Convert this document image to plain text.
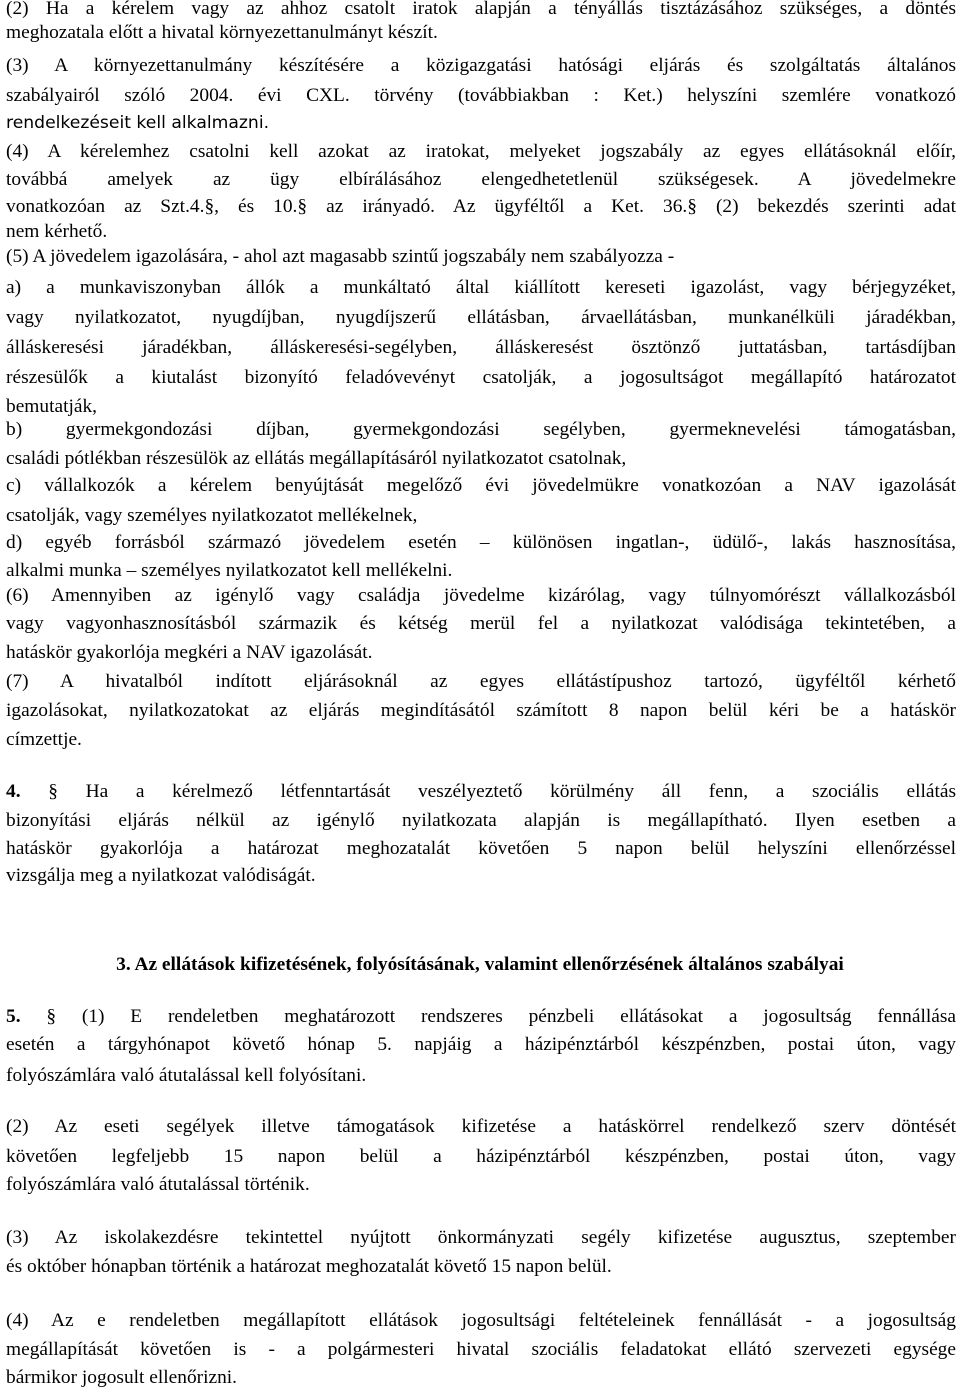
(2) Ha a kérelem vagy az ahhoz csatolt iratok alapján a tényállás tisztázásához szükséges, a döntés
meghozatala előtt a hivatal környezettanulmányt készít.
(3) A környezettanulmány készítésére a közigazgatási hatósági eljárás és szolgáltatás általános
szabályairól szóló 2004. évi CXL. törvény (továbbiakban : Ket.) helyszíni szemlére vonatkozó
rendelkezéseit kell alkalmazni.
(4) A kérelemhez csatolni kell azokat az iratokat, melyeket jogszabály az egyes ellátásoknál előír,
továbbá amelyek az ügy elbírálásához elengedhetetlenül szükségesek. A jövedelmekre
vonatkozóan az Szt.4.§, és 10.§ az irányadó. Az ügyféltől a Ket. 36.§ (2) bekezdés szerinti adat
nem kérhető.
(5) A jövedelem igazolására, - ahol azt magasabb szintű jogszabály nem szabályozza -
a) a munkaviszonyban állók a munkáltató által kiállított kereseti igazolást, vagy bérjegyzéket,
vagy nyilatkozatot, nyugdíjban, nyugdíjszerű ellátásban, árvaellátásban, munkanélküli járadékban,
álláskeresési járadékban, álláskeresési-segélyben, álláskeresést ösztönző juttatásban, tartásdíjban
részesülők a kiutalást bizonyító feladóvevényt csatolják, a jogosultságot megállapító határozatot
bemutatják,
b) gyermekgondozási díjban, gyermekgondozási segélyben, gyermeknevelési támogatásban,
családi pótlékban részesülök az ellátás megállapításáról nyilatkozatot csatolnak,
c) vállalkozók a kérelem benyújtását megelőző évi jövedelmükre vonatkozóan a NAV igazolását
csatolják, vagy személyes nyilatkozatot mellékelnek,
d) egyéb forrásból származó jövedelem esetén – különösen ingatlan-, üdülő-, lakás hasznosítása,
alkalmi munka – személyes nyilatkozatot kell mellékelni.
(6) Amennyiben az igénylő vagy családja jövedelme kizárólag, vagy túlnyomórészt vállalkozásból
vagy vagyonhasznosításból származik és kétség merül fel a nyilatkozat valódisága tekintetében, a
hatáskör gyakorlója megkéri a NAV igazolását.
(7) A hivatalból indított eljárásoknál az egyes ellátástípushoz tartozó, ügyféltől kérhető
igazolásokat, nyilatkozatokat az eljárás megindításától számított 8 napon belül kéri be a hatáskör
címzettje.
4. § Ha a kérelmező létfenntartását veszélyeztető körülmény áll fenn, a szociális ellátás
bizonyítási eljárás nélkül az igénylő nyilatkozata alapján is megállapítható. Ilyen esetben a
hatáskör gyakorlója a határozat meghozatalát követően 5 napon belül helyszíni ellenőrzéssel
vizsgálja meg a nyilatkozat valódiságát.
3. Az ellátások kifizetésének, folyósításának, valamint ellenőrzésének általános szabályai
5. § (1) E rendeletben meghatározott rendszeres pénzbeli ellátásokat a jogosultság fennállása
esetén a tárgyhónapot követő hónap 5. napjáig a házipénztárból készpénzben, postai úton, vagy
folyószámlára való átutalással kell folyósítani.
(2) Az eseti segélyek illetve támogatások kifizetése a hatáskörrel rendelkező szerv döntését
követően legfeljebb 15 napon belül a házipénztárból készpénzben, postai úton, vagy
folyószámlára való átutalással történik.
(3) Az iskolakezdésre tekintettel nyújtott önkormányzati segély kifizetése augusztus, szeptember
és október hónapban történik a határozat meghozatalát követő 15 napon belül.
(4) Az e rendeletben megállapított ellátások jogosultsági feltételeinek fennállását - a jogosultság
megállapítását követően is - a polgármesteri hivatal szociális feladatokat ellátó szervezeti egysége
bármikor jogosult ellenőrizni.
